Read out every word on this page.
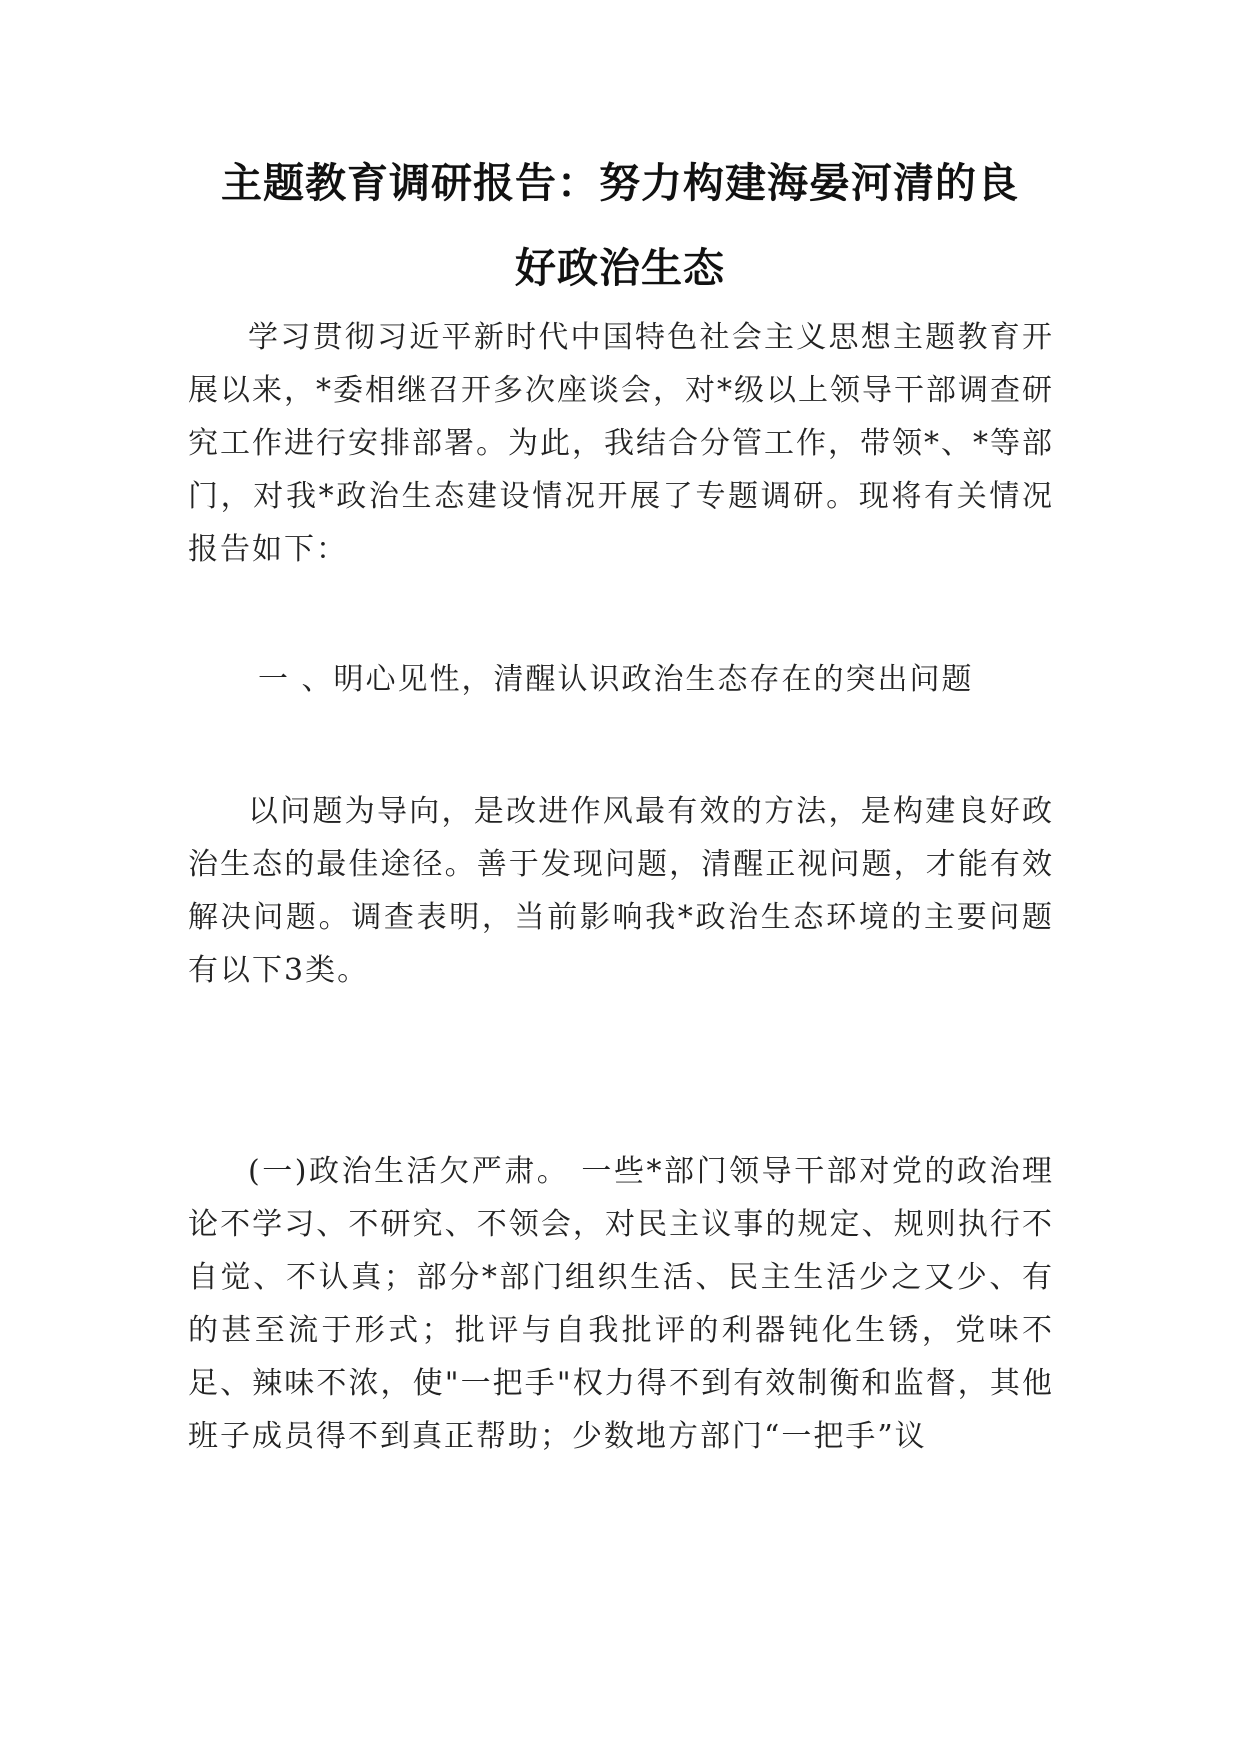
主题教育调研报告：努力构建海晏河清的良
好政治生态

学习贯彻习近平新时代中国特色社会主义思想主题教育开展以来，*委相继召开多次座谈会，对*级以上领导干部调查研究工作进行安排部署。为此，我结合分管工作，带领*、*等部门，对我*政治生态建设情况开展了专题调研。现将有关情况报告如下：

一 、明心见性，清醒认识政治生态存在的突出问题

以问题为导向，是改进作风最有效的方法，是构建良好政治生态的最佳途径。善于发现问题，清醒正视问题，才能有效解决问题。调查表明，当前影响我*政治生态环境的主要问题有以下3类。

(一)政治生活欠严肃。 一些*部门领导干部对党的政治理论不学习、不研究、不领会，对民主议事的规定、规则执行不自觉、不认真；部分*部门组织生活、民主生活少之又少、有的甚至流于形式；批评与自我批评的利器钝化生锈，党味不足、辣味不浓，使"一把手"权力得不到有效制衡和监督，其他班子成员得不到真正帮助；少数地方部门“一把手”议
